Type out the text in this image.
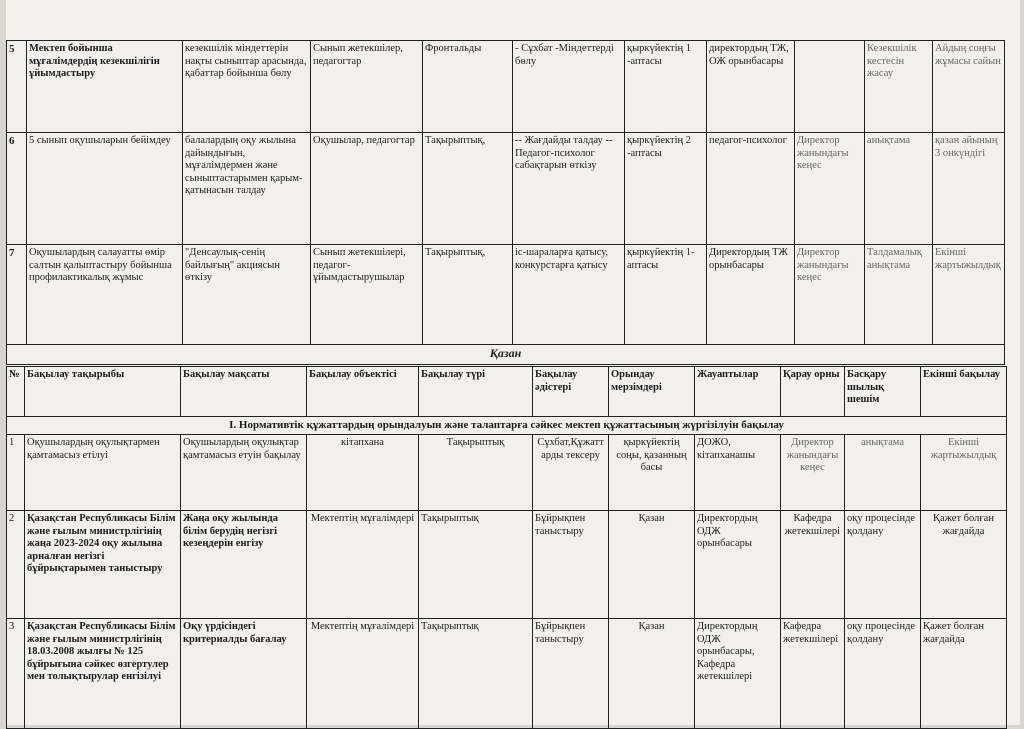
5	Мектеп бойынша мұғалімдердің кезекшілігін ұйымдастыру	кезекшілік міндеттерін нақты сыныптар арасында, қабаттар бойынша бөлу	Сынып жетекшілер, педагогтар	Фронтальды	- Сұхбат -Міндеттерді бөлу	қыркүйектің 1 -аптасы	директордың ТЖ, ОЖ орынбасары		Кезекшілік кестесін жасау	Айдың соңғы жұмасы сайын
6	5 сынып оқушыларын бейімдеу	балалардың оқу жылына дайындығын, мұғалімдермен және сыныптастарымен қарым-қатынасын талдау	Оқушылар, педагогтар	Тақырыптық,	-- Жағдайды талдау -- Педагог-психолог сабақтарын өткізу	қыркүйектің 2 -аптасы	педагог-психолог	Директор жанындағы кеңес	анықтама	қазан айының 3 онкүндігі
7	Оқушылардың салауатты өмір салтын қалыптастыру бойынша профилактикалық жұмыс	"Денсаулық-сенің байлығың" акциясын өткізу	Сынып жетекшілері, педагог-ұйымдастырушылар	Тақырыптық,	іс-шараларға қатысу, конкурстарға қатысу	қыркүйектің 1-аптасы	Директордың ТЖ орынбасары	Директор жанындағы кеңес	Талдамалық анықтама	Екінші жартыжылдық
Қазан										
№	Бақылау тақырыбы	Бақылау мақсаты	Бақылау объектісі	Бақылау түрі	Бақылау әдістері	Орындау мерзімдері	Жауаптылар	Қарау орны	Басқару шылық шешім	Екінші бақылау
I. Нормативтік құжаттардың орындалуын және талаптарға сәйкес мектеп құжаттасының жүргізілуін бақылау										
1	Оқушылардың оқулықтармен қамтамасыз етілуі	Оқушылардың оқулықтар қамтамасыз етуін бақылау	кітапхана	Тақырыптық	Сұхбат,Құжаттарды тексеру	қыркүйектің соңы, қазанның басы	ДОЖО, кітапханашы	Директор жанындағы кеңес	анықтама	Екінші жартыжылдық
2	Қазақстан Республикасы Білім және ғылым министрлігінің жаңа 2023-2024 оқу жылына арналған негізгі бұйрықтарымен таныстыру	Жаңа оқу жылында білім берудің негізгі кезеңдерін енгізу	Мектептің мұғалімдері	Тақырыптық	Бұйрықпен таныстыру	Қазан	Директордың ОДЖ орынбасары	Кафедра жетекшілері	оқу процесінде қолдану	Қажет болған жағдайда
3	Қазақстан Республикасы Білім және ғылым министрлігінің 18.03.2008 жылғы № 125 бұйрығына сәйкес өзгертулер мен толықтырулар енгізілуі	Оқу үрдісіндегі критериалды бағалау	Мектептің мұғалімдері	Тақырыптық	Бұйрықпен таныстыру	Қазан	Директордың ОДЖ орынбасары, Кафедра жетекшілері	Кафедра жетекшілері	оқу процесінде қолдану	Қажет болған жағдайда
